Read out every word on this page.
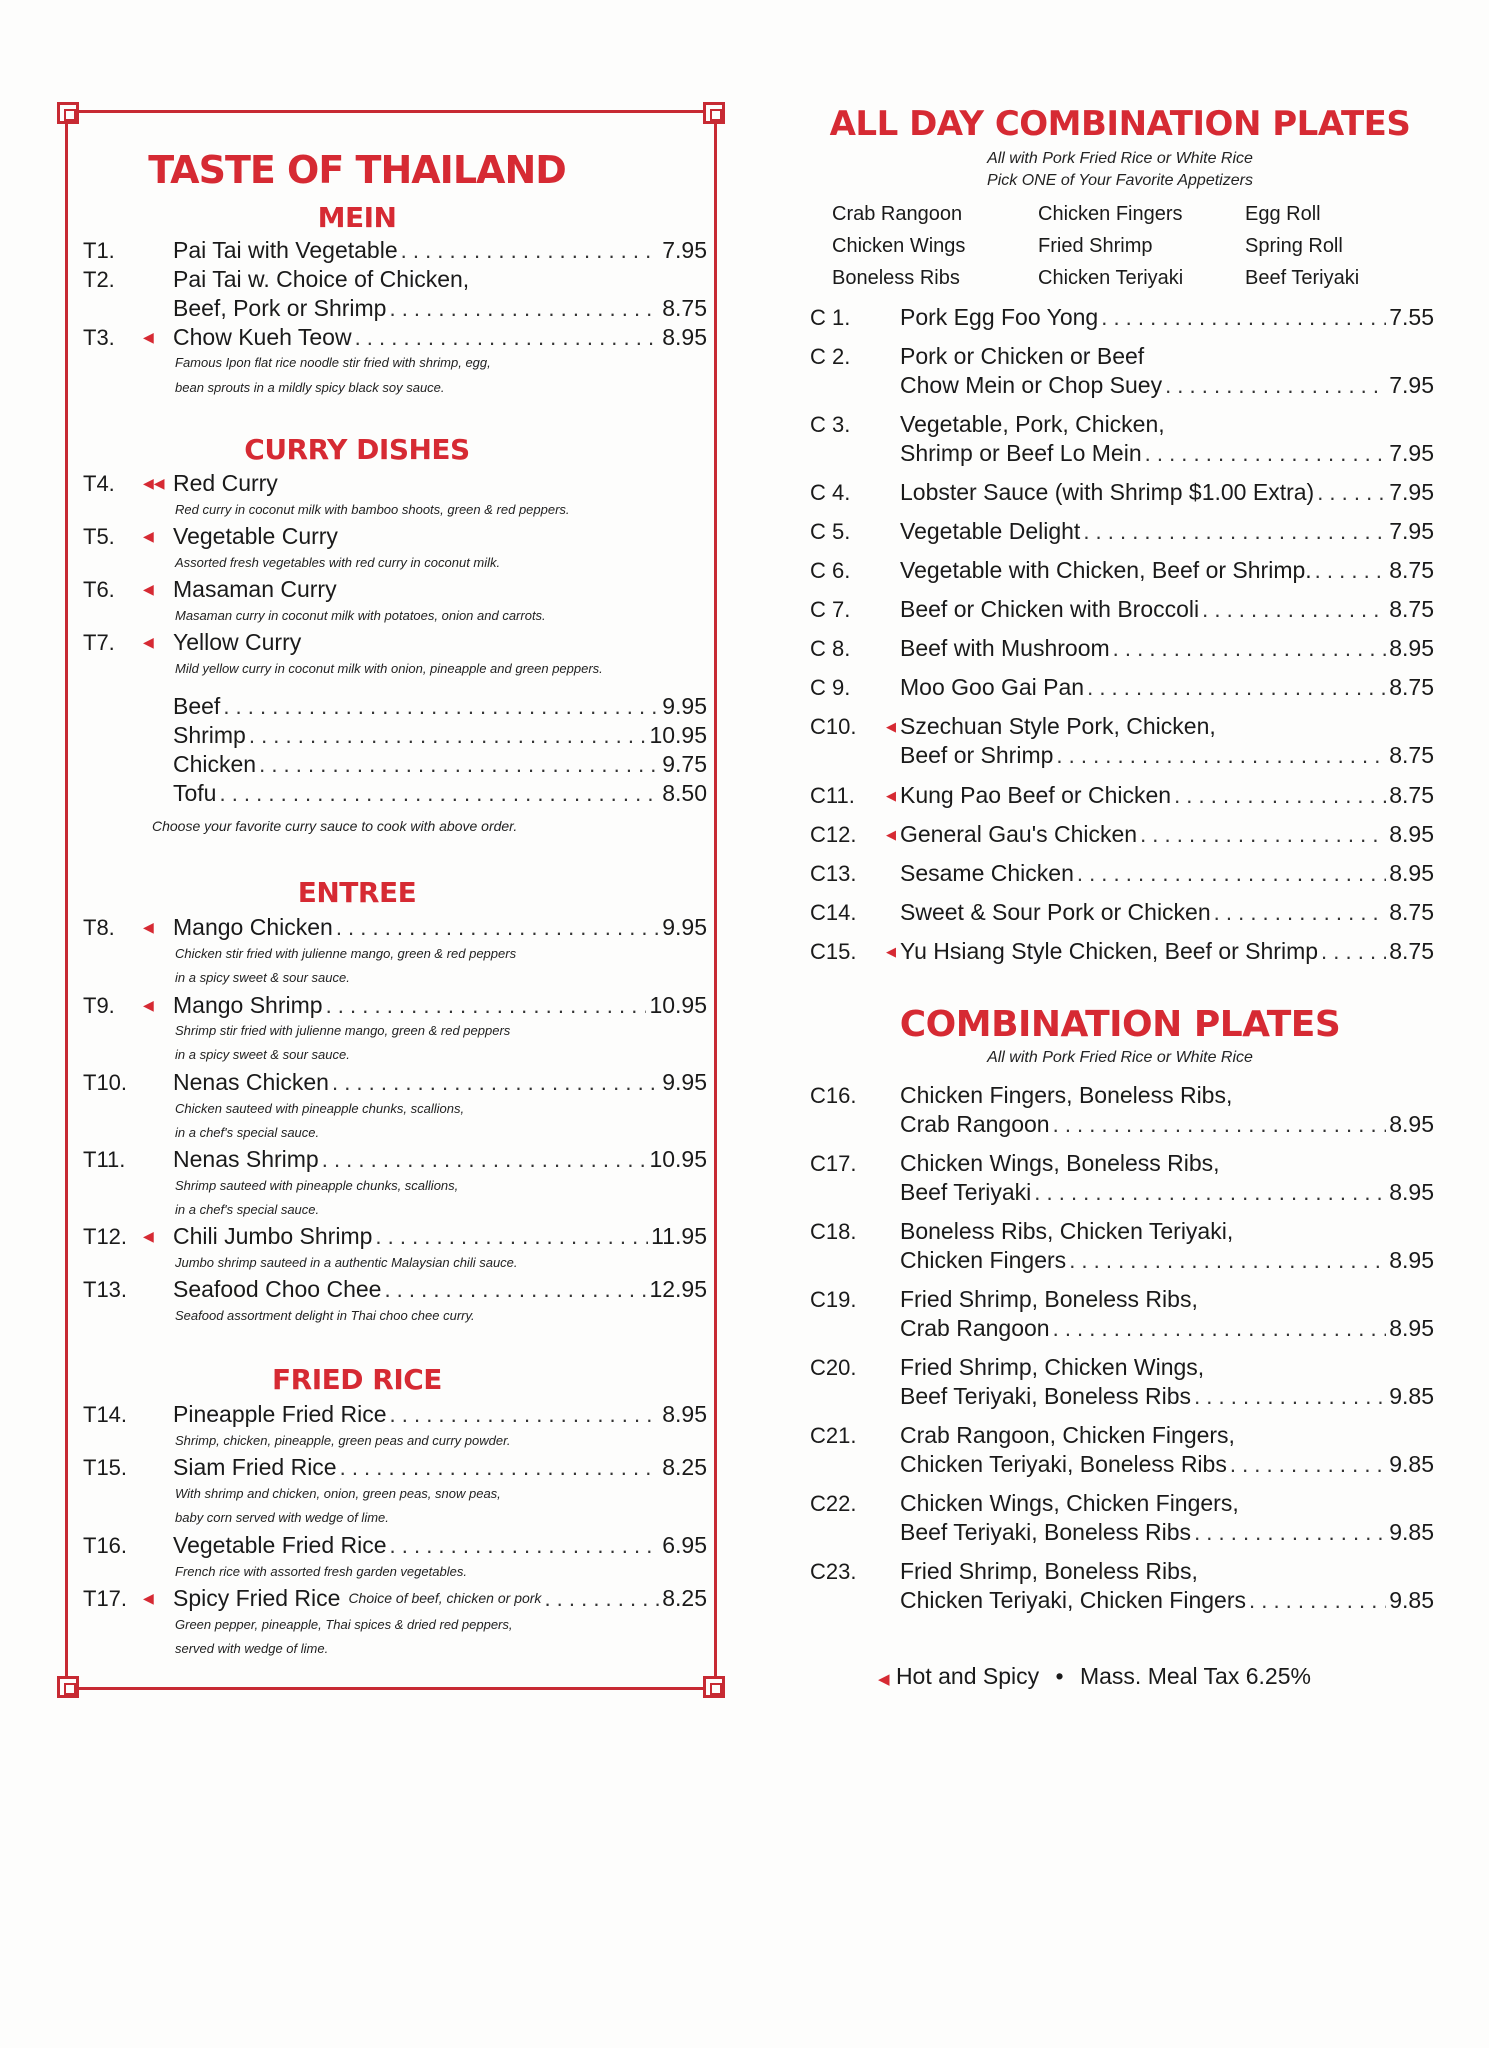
TASTE OF THAILAND
MEIN
T1.	Pai Tai with Vegetable . . .	7.95
T2.	Pai Tai w. Choice of Chicken,
Beef, Pork or Shrimp . . .	8.75
T3.	◀ Chow Kueh Teow . . .	8.95
Famous Ipon flat rice noodle stir fried with shrimp, egg,
bean sprouts in a mildly spicy black soy sauce.
CURRY DISHES
T4.	◀◀ Red Curry
Red curry in coconut milk with bamboo shoots, green & red peppers.
T5.	◀ Vegetable Curry
Assorted fresh vegetables with red curry in coconut milk.
T6.	◀ Masaman Curry
Masaman curry in coconut milk with potatoes, onion and carrots.
T7.	◀ Yellow Curry
Mild yellow curry in coconut milk with onion, pineapple and green peppers.
Beef . . .	9.95
Shrimp . . .	10.95
Chicken . . .	9.75
Tofu . . .	8.50
Choose your favorite curry sauce to cook with above order.
ENTREE
T8.	◀ Mango Chicken . . .	9.95
Chicken stir fried with julienne mango, green & red peppers
in a spicy sweet & sour sauce.
T9.	◀ Mango Shrimp . . .	10.95
Shrimp stir fried with julienne mango, green & red peppers
in a spicy sweet & sour sauce.
T10.	Nenas Chicken . . .	9.95
Chicken sauteed with pineapple chunks, scallions,
in a chef's special sauce.
T11.	Nenas Shrimp . . .	10.95
Shrimp sauteed with pineapple chunks, scallions,
in a chef's special sauce.
T12.	◀ Chili Jumbo Shrimp . . .	11.95
Jumbo shrimp sauteed in a authentic Malaysian chili sauce.
T13.	Seafood Choo Chee . . .	12.95
Seafood assortment delight in Thai choo chee curry.
FRIED RICE
T14.	Pineapple Fried Rice . . .	8.95
Shrimp, chicken, pineapple, green peas and curry powder.
T15.	Siam Fried Rice . . .	8.25
With shrimp and chicken, onion, green peas, snow peas,
baby corn served with wedge of lime.
T16.	Vegetable Fried Rice . . .	6.95
French rice with assorted fresh garden vegetables.
T17.	◀ Spicy Fried Rice Choice of beef, chicken or pork . . .	8.25
Green pepper, pineapple, Thai spices & dried red peppers,
served with wedge of lime.
ALL DAY COMBINATION PLATES
All with Pork Fried Rice or White Rice
Pick ONE of Your Favorite Appetizers
Crab Rangoon	Chicken Fingers	Egg Roll
Chicken Wings	Fried Shrimp	Spring Roll
Boneless Ribs	Chicken Teriyaki	Beef Teriyaki
C 1.	Pork Egg Foo Yong . . .	7.55
C 2.	Pork or Chicken or Beef
Chow Mein or Chop Suey . . .	7.95
C 3.	Vegetable, Pork, Chicken,
Shrimp or Beef Lo Mein . . .	7.95
C 4.	Lobster Sauce (with Shrimp $1.00 Extra) . . .	7.95
C 5.	Vegetable Delight . . .	7.95
C 6.	Vegetable with Chicken, Beef or Shrimp. . . .	8.75
C 7.	Beef or Chicken with Broccoli . . .	8.75
C 8.	Beef with Mushroom . . .	8.95
C 9.	Moo Goo Gai Pan . . .	8.75
C10.	◀ Szechuan Style Pork, Chicken,
Beef or Shrimp . . .	8.75
C11.	◀ Kung Pao Beef or Chicken . . .	8.75
C12.	◀ General Gau's Chicken . . .	8.95
C13.	Sesame Chicken . . .	8.95
C14.	Sweet & Sour Pork or Chicken . . .	8.75
C15.	◀ Yu Hsiang Style Chicken, Beef or Shrimp . . .	8.75
COMBINATION PLATES
All with Pork Fried Rice or White Rice
C16.	Chicken Fingers, Boneless Ribs,
Crab Rangoon . . .	8.95
C17.	Chicken Wings, Boneless Ribs,
Beef Teriyaki . . .	8.95
C18.	Boneless Ribs, Chicken Teriyaki,
Chicken Fingers . . .	8.95
C19.	Fried Shrimp, Boneless Ribs,
Crab Rangoon . . .	8.95
C20.	Fried Shrimp, Chicken Wings,
Beef Teriyaki, Boneless Ribs . . .	9.85
C21.	Crab Rangoon, Chicken Fingers,
Chicken Teriyaki, Boneless Ribs . . .	9.85
C22.	Chicken Wings, Chicken Fingers,
Beef Teriyaki, Boneless Ribs . . .	9.85
C23.	Fried Shrimp, Boneless Ribs,
Chicken Teriyaki, Chicken Fingers . . .	9.85
◀ Hot and Spicy • Mass. Meal Tax 6.25%
